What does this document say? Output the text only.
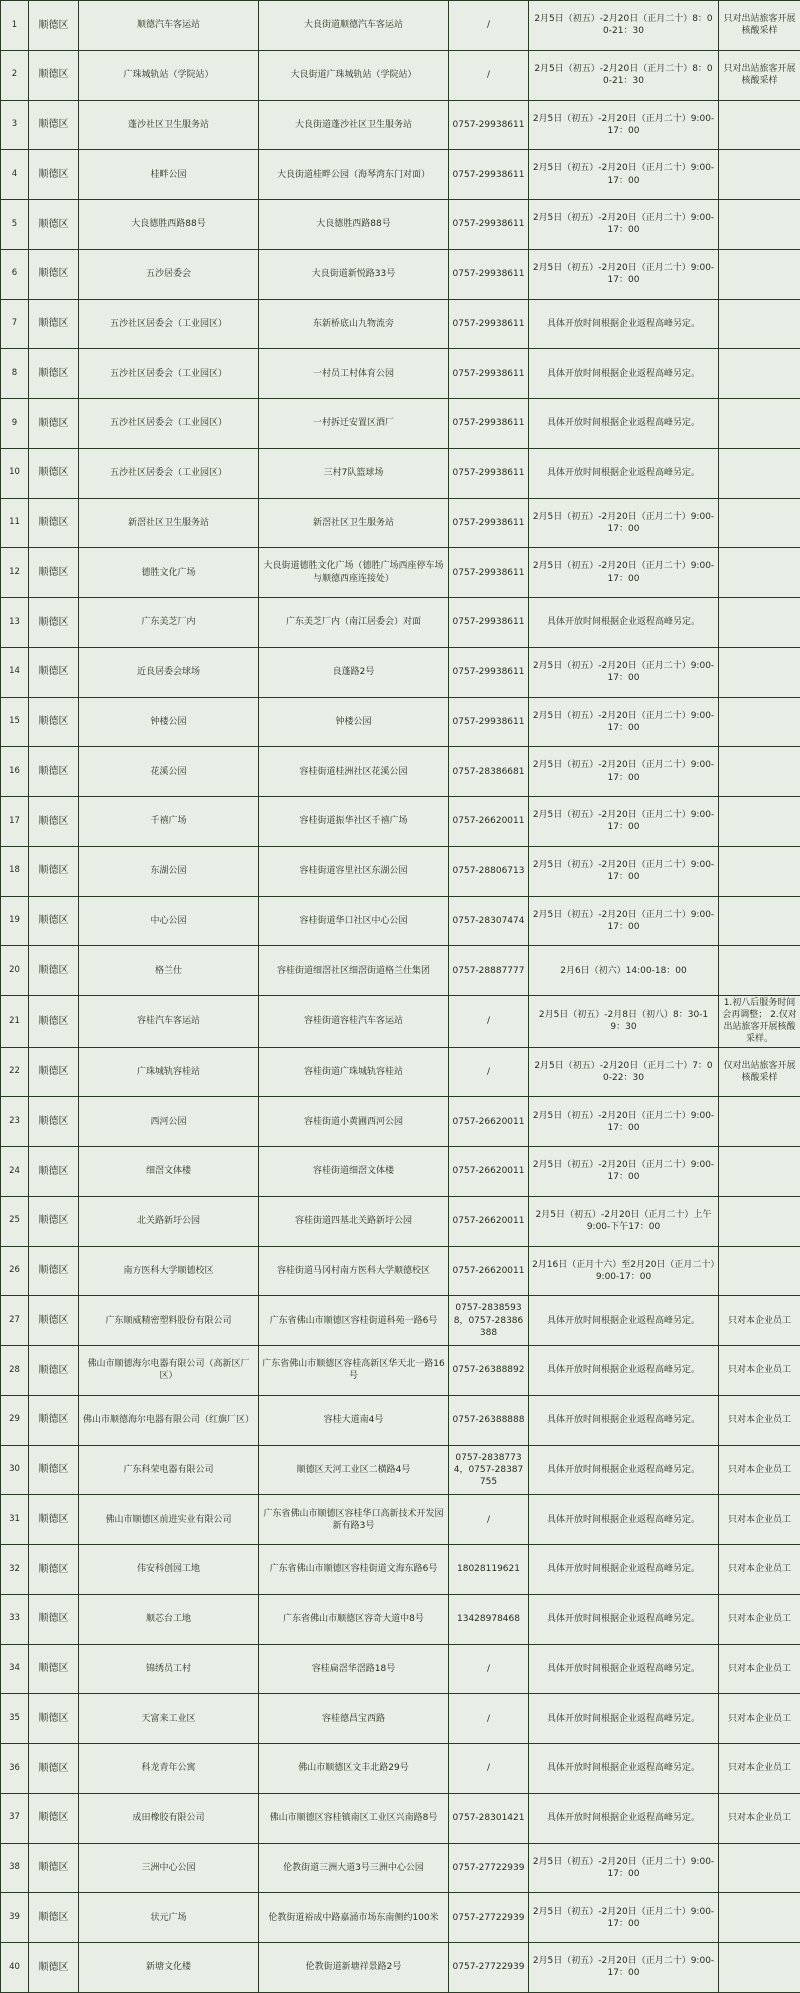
1	顺德区	顺德汽车客运站	大良街道顺德汽车客运站	/	2月5日（初五）-2月20日（正月二十）8：00-21：30	只对出站旅客开展核酸采样
2	顺德区	广珠城轨站（学院站）	大良街道广珠城轨站（学院站）	/	2月5日（初五）-2月20日（正月二十）8：00-21：30	只对出站旅客开展核酸采样
3	顺德区	蓬沙社区卫生服务站	大良街道蓬沙社区卫生服务站	0757-29938611	2月5日（初五）-2月20日（正月二十）9:00-17：00	
4	顺德区	桂畔公园	大良街道桂畔公园（海琴湾东门对面）	0757-29938611	2月5日（初五）-2月20日（正月二十）9:00-17：00	
5	顺德区	大良德胜西路88号	大良德胜西路88号	0757-29938611	2月5日（初五）-2月20日（正月二十）9:00-17：00	
6	顺德区	五沙居委会	大良街道新悦路33号	0757-29938611	2月5日（初五）-2月20日（正月二十）9:00-17：00	
7	顺德区	五沙社区居委会（工业园区）	东新桥底山九物流旁	0757-29938611	具体开放时间根据企业返程高峰另定。	
8	顺德区	五沙社区居委会（工业园区）	一村员工村体育公园	0757-29938611	具体开放时间根据企业返程高峰另定。	
9	顺德区	五沙社区居委会（工业园区）	一村拆迁安置区酒厂	0757-29938611	具体开放时间根据企业返程高峰另定。	
10	顺德区	五沙社区居委会（工业园区）	三村7队篮球场	0757-29938611	具体开放时间根据企业返程高峰另定。	
11	顺德区	新滘社区卫生服务站	新滘社区卫生服务站	0757-29938611	2月5日（初五）-2月20日（正月二十）9:00-17：00	
12	顺德区	德胜文化广场	大良街道德胜文化广场（德胜广场西座停车场与顺德西座连接处）	0757-29938611	2月5日（初五）-2月20日（正月二十）9:00-17：00	
13	顺德区	广东美芝厂内	广东美芝厂内（南江居委会）对面	0757-29938611	具体开放时间根据企业返程高峰另定。	
14	顺德区	近良居委会球场	良蓬路2号	0757-29938611	2月5日（初五）-2月20日（正月二十）9:00-17：00	
15	顺德区	钟楼公园	钟楼公园	0757-29938611	2月5日（初五）-2月20日（正月二十）9:00-17：00	
16	顺德区	花溪公园	容桂街道桂洲社区花溪公园	0757-28386681	2月5日（初五）-2月20日（正月二十）9:00-17：00	
17	顺德区	千禧广场	容桂街道振华社区千禧广场	0757-26620011	2月5日（初五）-2月20日（正月二十）9:00-17：00	
18	顺德区	东湖公园	容桂街道容里社区东湖公园	0757-28806713	2月5日（初五）-2月20日（正月二十）9:00-17：00	
19	顺德区	中心公园	容桂街道华口社区中心公园	0757-28307474	2月5日（初五）-2月20日（正月二十）9:00-17：00	
20	顺德区	格兰仕	容桂街道细滘社区细滘街道格兰仕集团	0757-28887777	2月6日（初六）14:00-18：00	
21	顺德区	容桂汽车客运站	容桂街道容桂汽车客运站	/	2月5日（初五）-2月8日（初八）8：30-19：30	1.初八后服务时间会再调整； 2.仅对出站旅客开展核酸采样。
22	顺德区	广珠城轨容桂站	容桂街道广珠城轨容桂站	/	2月5日（初五）-2月20日（正月二十）7：00-22：30	仅对出站旅客开展核酸采样
23	顺德区	西河公园	容桂街道小黄圃西河公园	0757-26620011	2月5日（初五）-2月20日（正月二十）9:00-17：00	
24	顺德区	细滘文体楼	容桂街道细滘文体楼	0757-26620011	2月5日（初五）-2月20日（正月二十）9:00-17：00	
25	顺德区	北关路新圩公园	容桂街道四基北关路新圩公园	0757-26620011	2月5日（初五）-2月20日（正月二十）上午9:00-下午17：00	
26	顺德区	南方医科大学顺德校区	容桂街道马冈村南方医科大学顺德校区	0757-26620011	2月16日（正月十六）至2月20日（正月二十）9:00-17：00	
27	顺德区	广东顺威精密塑料股份有限公司	广东省佛山市顺德区容桂街道科苑一路6号	0757-28385938，0757-28386388	具体开放时间根据企业返程高峰另定。	只对本企业员工
28	顺德区	佛山市顺德海尔电器有限公司（高新区厂区）	广东省佛山市顺德区容桂高新区华天北一路16号	0757-26388892	具体开放时间根据企业返程高峰另定。	只对本企业员工
29	顺德区	佛山市顺德海尔电器有限公司（红旗厂区）	容桂大道南4号	0757-26388888	具体开放时间根据企业返程高峰另定。	只对本企业员工
30	顺德区	广东科荣电器有限公司	顺德区天河工业区二横路4号	0757-28387734，0757-28387755	具体开放时间根据企业返程高峰另定。	只对本企业员工
31	顺德区	佛山市顺德区前进实业有限公司	广东省佛山市顺德区容桂华口高新技术开发园新有路3号	/	具体开放时间根据企业返程高峰另定。	只对本企业员工
32	顺德区	伟安科创园工地	广东省佛山市顺德区容桂街道文海东路6号	18028119621	具体开放时间根据企业返程高峰另定。	只对本企业员工
33	顺德区	顺芯台工地	广东省佛山市顺德区容奇大道中8号	13428978468	具体开放时间根据企业返程高峰另定。	只对本企业员工
34	顺德区	锦绣员工村	容桂扁滘华滘路18号	/	具体开放时间根据企业返程高峰另定。	只对本企业员工
35	顺德区	天富来工业区	容桂德昌宝西路	/	具体开放时间根据企业返程高峰另定。	只对本企业员工
36	顺德区	科龙青年公寓	佛山市顺德区文丰北路29号	/	具体开放时间根据企业返程高峰另定。	只对本企业员工
37	顺德区	成田橡胶有限公司	佛山市顺德区容桂镇南区工业区兴南路8号	0757-28301421	具体开放时间根据企业返程高峰另定。	只对本企业员工
38	顺德区	三洲中心公园	伦教街道三洲大道3号三洲中心公园	0757-27722939	2月5日（初五）-2月20日（正月二十）9:00-17：00	
39	顺德区	状元广场	伦教街道裕成中路嘉涌市场东南侧约100米	0757-27722939	2月5日（初五）-2月20日（正月二十）9:00-17：00	
40	顺德区	新塘文化楼	伦教街道新塘祥景路2号	0757-27722939	2月5日（初五）-2月20日（正月二十）9:00-17：00	
